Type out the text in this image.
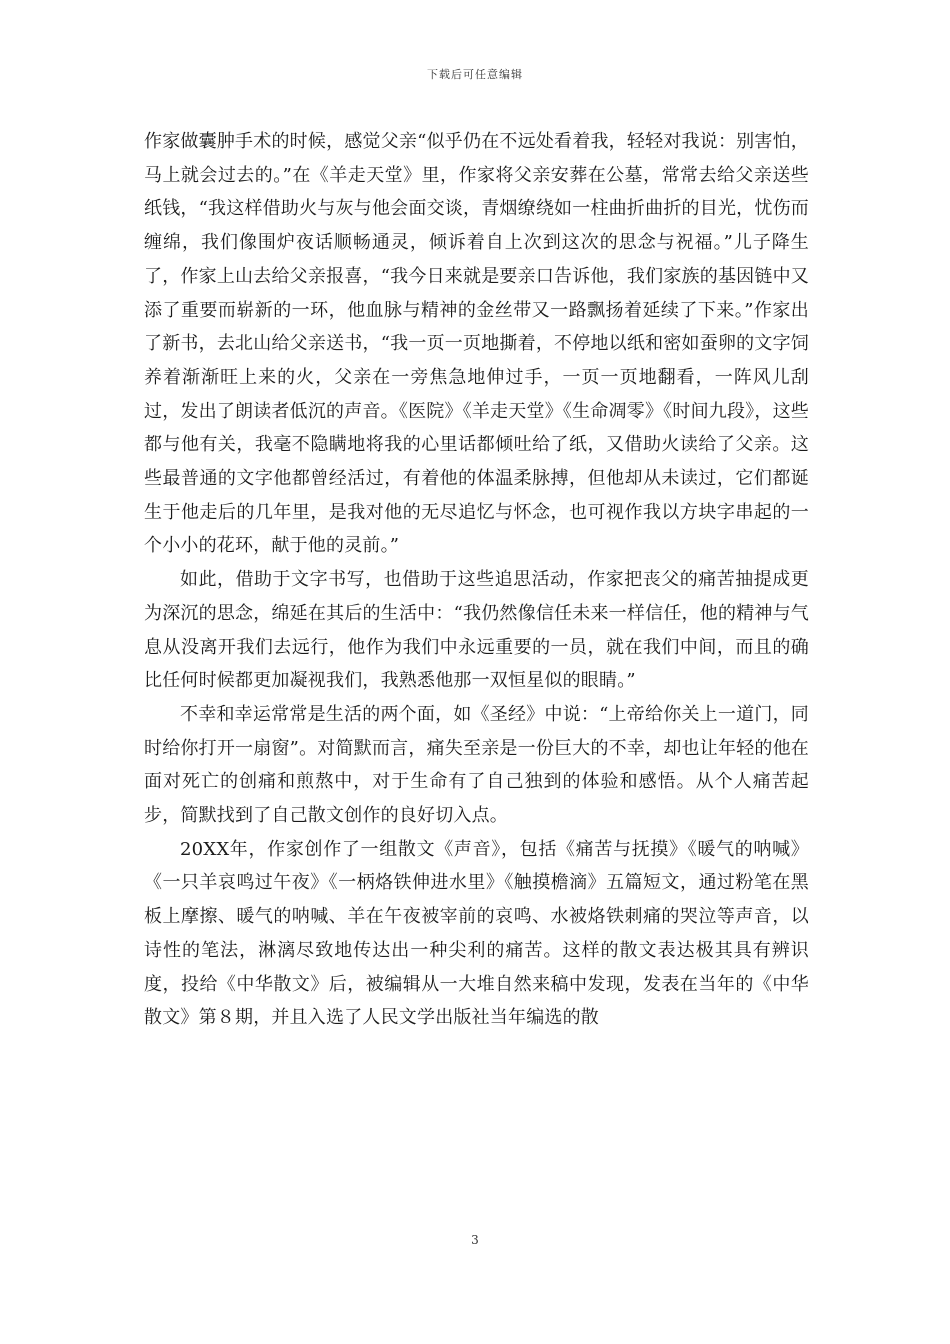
下载后可任意编辑

作家做囊肿手术的时候，感觉父亲“似乎仍在不远处看着我，轻轻对我说：别害怕，马上就会过去的。”在《羊走天堂》里，作家将父亲安葬在公墓，常常去给父亲送些纸钱，“我这样借助火与灰与他会面交谈，青烟缭绕如一柱曲折曲折的目光，忧伤而缠绵，我们像围炉夜话顺畅通灵，倾诉着自上次到这次的思念与祝福。”儿子降生了，作家上山去给父亲报喜，“我今日来就是要亲口告诉他，我们家族的基因链中又添了重要而崭新的一环，他血脉与精神的金丝带又一路飘扬着延续了下来。”作家出了新书，去北山给父亲送书，“我一页一页地撕着，不停地以纸和密如蚕卵的文字饲养着渐渐旺上来的火，父亲在一旁焦急地伸过手，一页一页地翻看，一阵风儿刮过，发出了朗读者低沉的声音。《医院》《羊走天堂》《生命凋零》《时间九段》，这些都与他有关，我毫不隐瞒地将我的心里话都倾吐给了纸，又借助火读给了父亲。这些最普通的文字他都曾经活过，有着他的体温柔脉搏，但他却从未读过，它们都诞生于他走后的几年里，是我对他的无尽追忆与怀念，也可视作我以方块字串起的一个小小的花环，献于他的灵前。”

如此，借助于文字书写，也借助于这些追思活动，作家把丧父的痛苦抽提成更为深沉的思念，绵延在其后的生活中：“我仍然像信任未来一样信任，他的精神与气息从没离开我们去远行，他作为我们中永远重要的一员，就在我们中间，而且的确比任何时候都更加凝视我们，我熟悉他那一双恒星似的眼睛。”

不幸和幸运常常是生活的两个面，如《圣经》中说：“上帝给你关上一道门，同时给你打开一扇窗”。对简默而言，痛失至亲是一份巨大的不幸，却也让年轻的他在面对死亡的创痛和煎熬中，对于生命有了自己独到的体验和感悟。从个人痛苦起步，简默找到了自己散文创作的良好切入点。

20XX年，作家创作了一组散文《声音》，包括《痛苦与抚摸》《暖气的呐喊》《一只羊哀鸣过午夜》《一柄烙铁伸进水里》《触摸檐滴》五篇短文，通过粉笔在黑板上摩擦、暖气的呐喊、羊在午夜被宰前的哀鸣、水被烙铁刺痛的哭泣等声音，以诗性的笔法，淋漓尽致地传达出一种尖利的痛苦。这样的散文表达极其具有辨识度，投给《中华散文》后，被编辑从一大堆自然来稿中发现，发表在当年的《中华散文》第８期，并且入选了人民文学出版社当年编选的散

3
